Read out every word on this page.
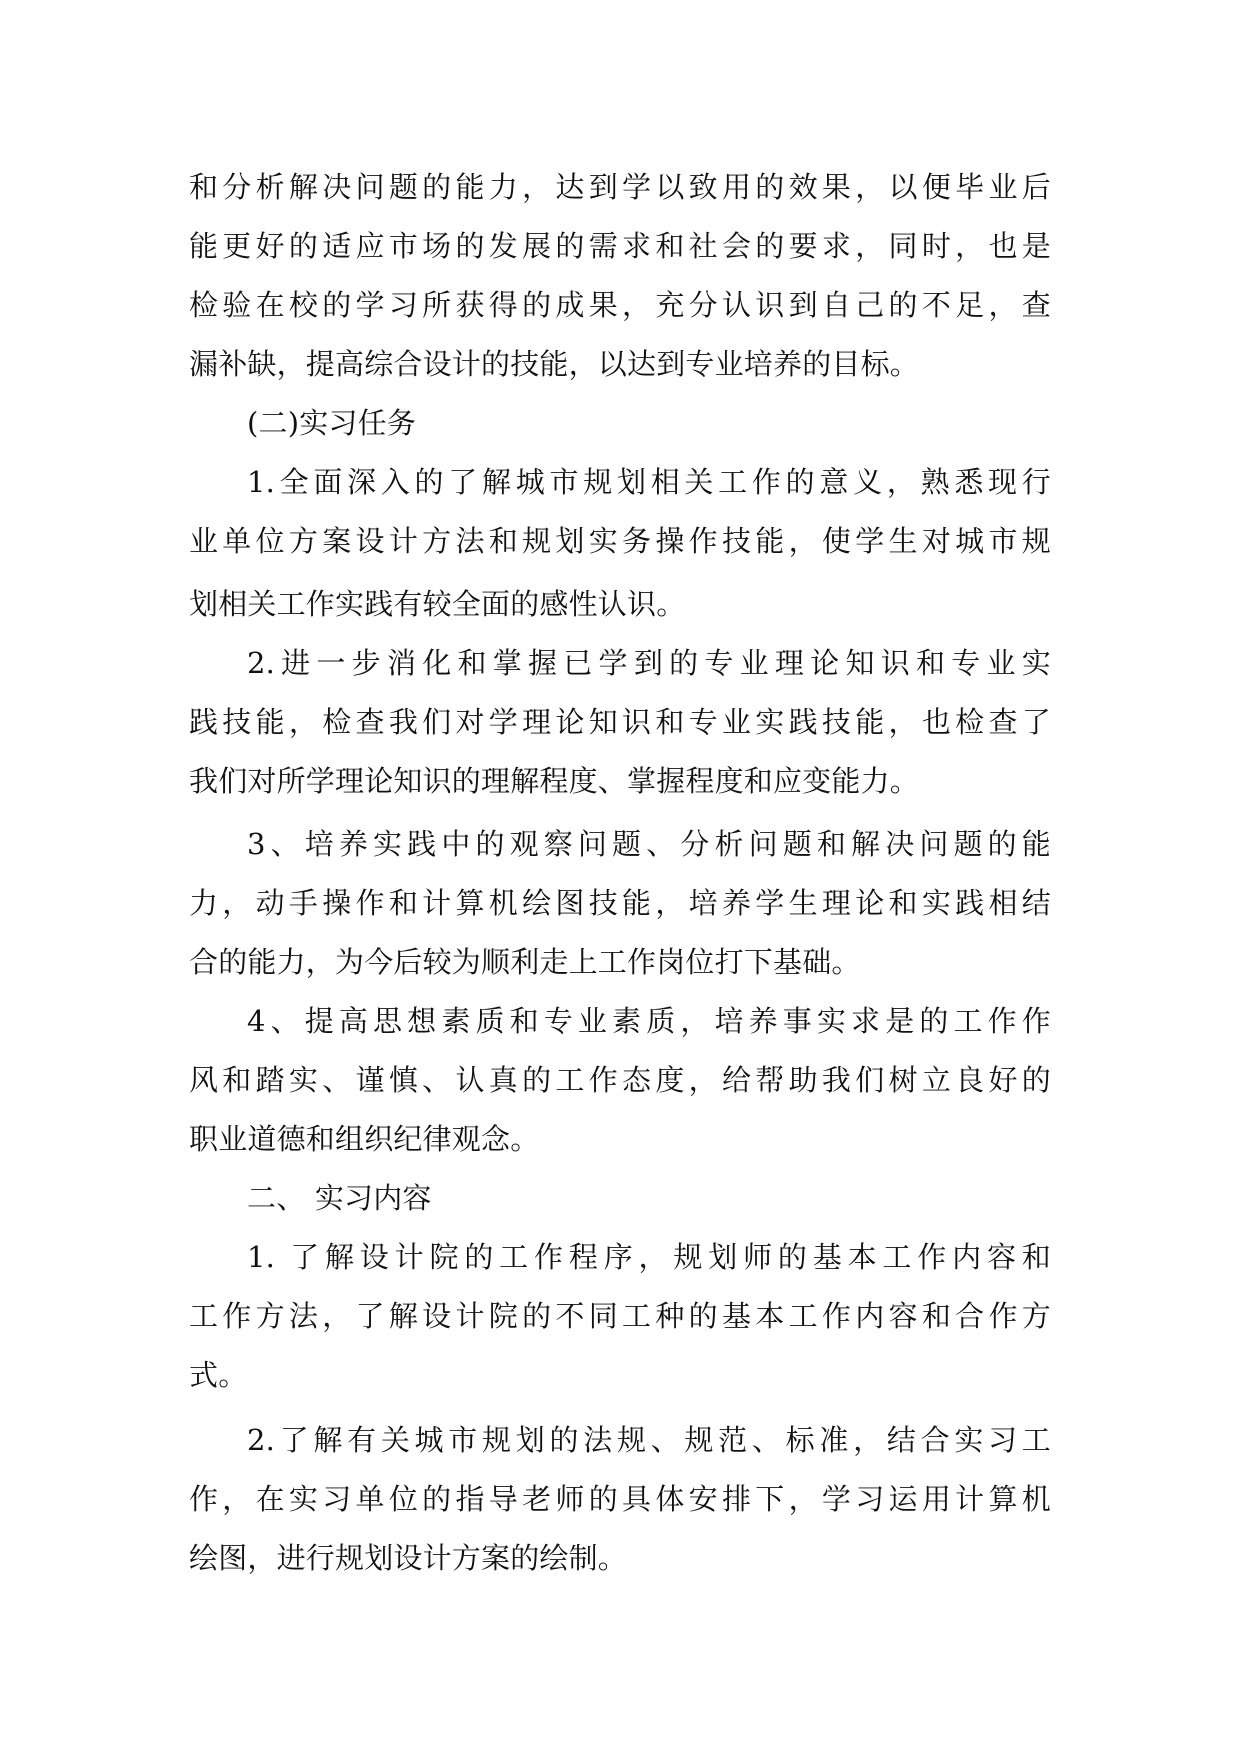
和分析解决问题的能力，达到学以致用的效果，以便毕业后
能更好的适应市场的发展的需求和社会的要求，同时，也是
检验在校的学习所获得的成果，充分认识到自己的不足，查
漏补缺，提高综合设计的技能，以达到专业培养的目标。
(二)实习任务
1.全面深入的了解城市规划相关工作的意义，熟悉现行
业单位方案设计方法和规划实务操作技能，使学生对城市规
划相关工作实践有较全面的感性认识。
2.进一步消化和掌握已学到的专业理论知识和专业实
践技能，检查我们对学理论知识和专业实践技能，也检查了
我们对所学理论知识的理解程度、掌握程度和应变能力。
3、培养实践中的观察问题、分析问题和解决问题的能
力，动手操作和计算机绘图技能，培养学生理论和实践相结
合的能力，为今后较为顺利走上工作岗位打下基础。
4、提高思想素质和专业素质，培养事实求是的工作作
风和踏实、谨慎、认真的工作态度，给帮助我们树立良好的
职业道德和组织纪律观念。
二、 实习内容
1. 了解设计院的工作程序，规划师的基本工作内容和
工作方法，了解设计院的不同工种的基本工作内容和合作方
式。
2.了解有关城市规划的法规、规范、标准，结合实习工
作，在实习单位的指导老师的具体安排下，学习运用计算机
绘图，进行规划设计方案的绘制。
